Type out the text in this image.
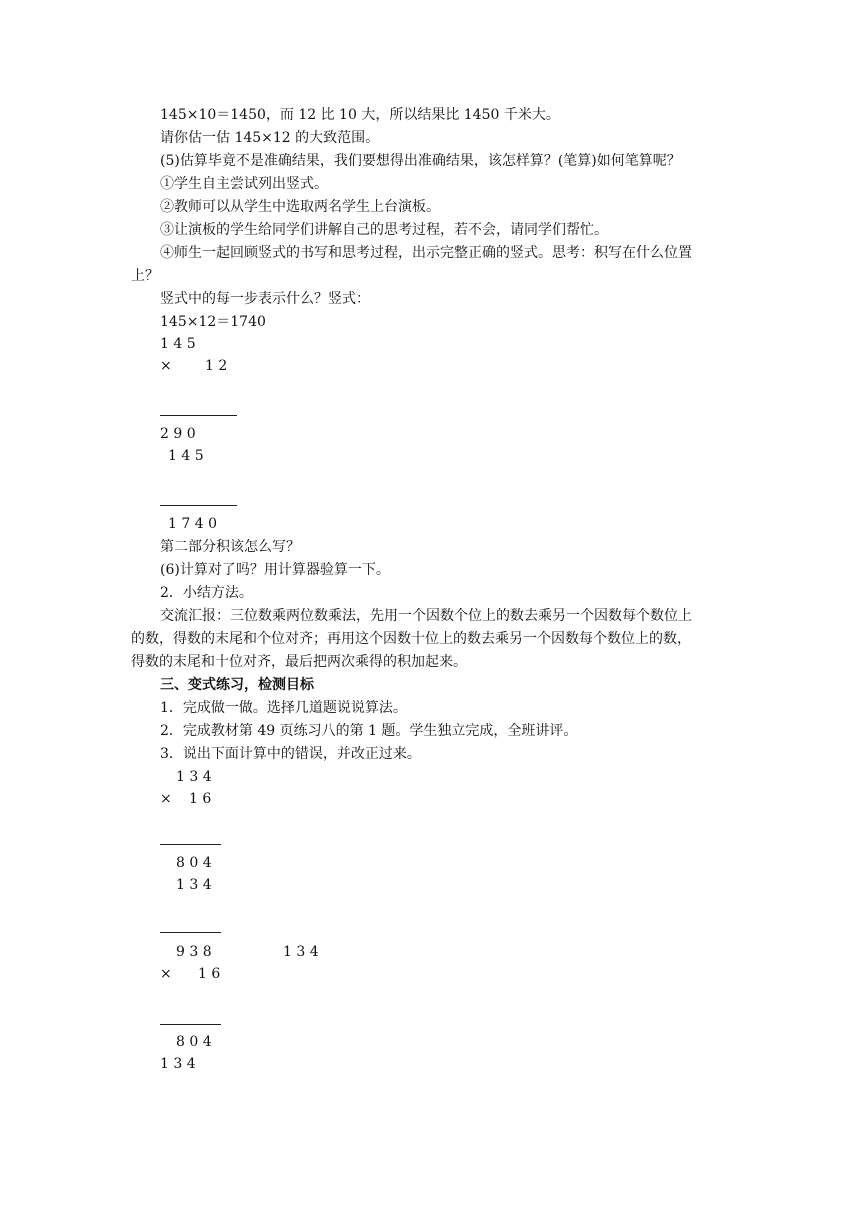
145×10＝1450，而 12 比 10 大，所以结果比 1450 千米大。
请你估一估 145×12 的大致范围。
(5)估算毕竟不是准确结果，我们要想得出准确结果，该怎样算？(笔算)如何笔算呢？
①学生自主尝试列出竖式。
②教师可以从学生中选取两名学生上台演板。
③让演板的学生给同学们讲解自己的思考过程，若不会，请同学们帮忙。
④师生一起回顾竖式的书写和思考过程，出示完整正确的竖式。思考：积写在什么位置
上？
竖式中的每一步表示什么？竖式：
145×12＝1740
1 4 5
× 1 2
2 9 0
1 4 5
1 7 4 0
第二部分积该怎么写？
(6)计算对了吗？用计算器验算一下。
2．小结方法。
交流汇报：三位数乘两位数乘法，先用一个因数个位上的数去乘另一个因数每个数位上
的数，得数的末尾和个位对齐；再用这个因数十位上的数去乘另一个因数每个数位上的数，
得数的末尾和十位对齐，最后把两次乘得的积加起来。
三、变式练习，检测目标
1．完成做一做。选择几道题说说算法。
2．完成教材第 49 页练习八的第 1 题。学生独立完成，全班讲评。
3．说出下面计算中的错误，并改正过来。
1 3 4
× 1 6
8 0 4
1 3 4
9 3 8	1 3 4
× 1 6
8 0 4
1 3 4
